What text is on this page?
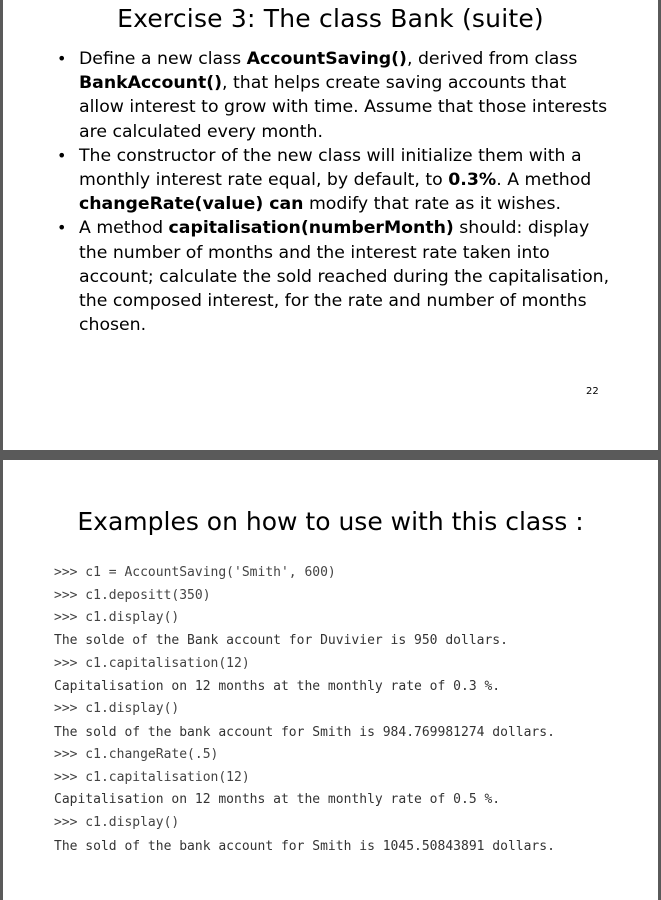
Exercise 3: The class Bank (suite)
• Define a new class AccountSaving(), derived from class BankAccount(), that helps create saving accounts that allow interest to grow with time. Assume that those interests are calculated every month.
• The constructor of the new class will initialize them with a monthly interest rate equal, by default, to 0.3%. A method changeRate(value) can modify that rate as it wishes.
• A method capitalisation(numberMonth) should: display the number of months and the interest rate taken into account; calculate the sold reached during the capitalisation, the composed interest, for the rate and number of months chosen.
22
Examples on how to use with this class :
>>> c1 = AccountSaving('Smith', 600)
>>> c1.depositt(350)
>>> c1.display()
The solde of the Bank account for Duvivier is 950 dollars.
>>> c1.capitalisation(12)
Capitalisation on 12 months at the monthly rate of 0.3 %.
>>> c1.display()
The sold of the bank account for Smith is 984.769981274 dollars.
>>> c1.changeRate(.5)
>>> c1.capitalisation(12)
Capitalisation on 12 months at the monthly rate of 0.5 %.
>>> c1.display()
The sold of the bank account for Smith is 1045.50843891 dollars.
